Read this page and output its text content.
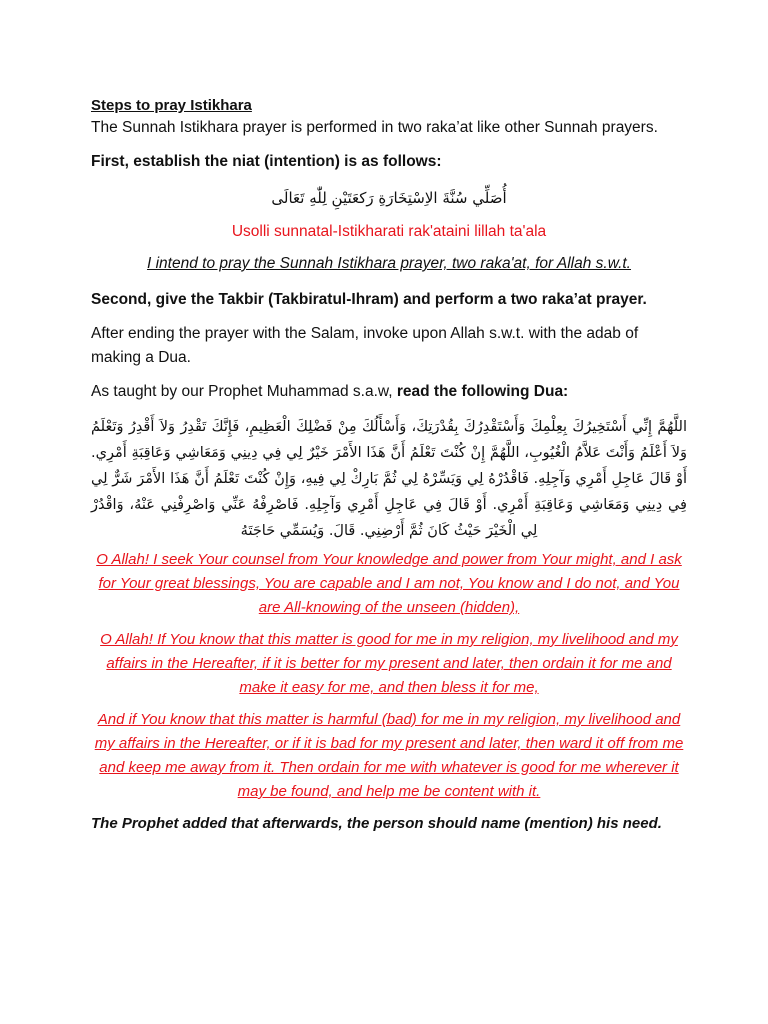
Steps to pray Istikhara

The Sunnah Istikhara prayer is performed in two raka’at like other Sunnah prayers.

First, establish the niat (intention) is as follows:

أُصَلِّي سُنَّةَ الاِسْتِخَارَةِ رَكعَتَيْنِ لِلّٰهِ تَعَالَى

Usolli sunnatal-Istikharati rak'ataini lillah ta'ala

I intend to pray the Sunnah Istikhara prayer, two raka'at, for Allah s.w.t.

Second, give the Takbir (Takbiratul-Ihram) and perform a two raka’at prayer.

After ending the prayer with the Salam, invoke upon Allah s.w.t. with the adab of making a Dua.

As taught by our Prophet Muhammad s.a.w, read the following Dua:

اللَّهُمَّ إِنِّي أَسْتَخِيرُكَ بِعِلْمِكَ وَأَسْتَقْدِرُكَ بِقُدْرَتِكَ، وَأَسْأَلُكَ مِنْ فَضْلِكَ الْعَظِيمِ، فَإِنَّكَ تَقْدِرُ وَلاَ أَقْدِرُ وَتَعْلَمُ وَلاَ أَعْلَمُ وَأَنْتَ عَلاَّمُ الْغُيُوبِ، اللَّهُمَّ إِنْ كُنْتَ تَعْلَمُ أَنَّ هَذَا الأَمْرَ خَيْرٌ لِي فِي دِينِي وَمَعَاشِي وَعَاقِبَةِ أَمْرِي. أَوْ قَالَ عَاجِلِ أَمْرِي وَآجِلِهِ. فَاقْدُرْهُ لِي وَيَسِّرْهُ لِي ثُمَّ بَارِكْ لِي فِيهِ، وَإِنْ كُنْتَ تَعْلَمُ أَنَّ هَذَا الأَمْرَ شَرٌّ لِي فِي دِينِي وَمَعَاشِي وَعَاقِبَةِ أَمْرِي. أَوْ قَالَ فِي عَاجِلِ أَمْرِي وَآجِلِهِ. فَاصْرِفْهُ عَنِّي وَاصْرِفْنِي عَنْهُ، وَاقْدُرْ لِي الْخَيْرَ حَيْثُ كَانَ ثُمَّ أَرْضِنِي. قَالَ. وَيُسَمِّي حَاجَتَهُ

O Allah! I seek Your counsel from Your knowledge and power from Your might, and I ask for Your great blessings, You are capable and I am not, You know and I do not, and You are All-knowing of the unseen (hidden),

O Allah! If You know that this matter is good for me in my religion, my livelihood and my affairs in the Hereafter, if it is better for my present and later, then ordain it for me and make it easy for me, and then bless it for me,

And if You know that this matter is harmful (bad) for me in my religion, my livelihood and my affairs in the Hereafter, or if it is bad for my present and later, then ward it off from me and keep me away from it. Then ordain for me with whatever is good for me wherever it may be found, and help me be content with it.

The Prophet added that afterwards, the person should name (mention) his need.
